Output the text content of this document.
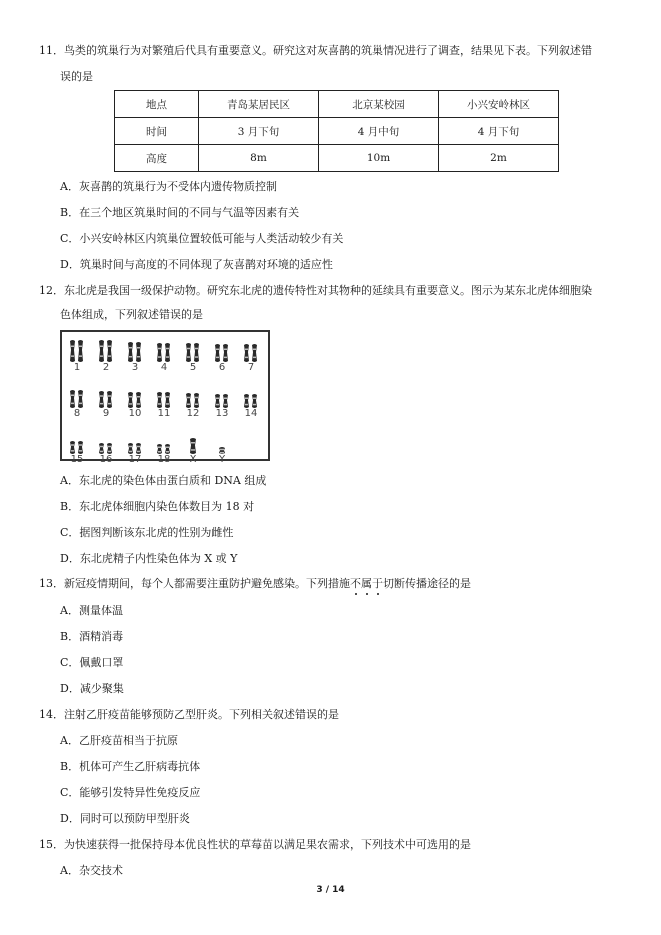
11．鸟类的筑巢行为对繁殖后代具有重要意义。研究这对灰喜鹊的筑巢情况进行了调查，结果见下表。下列叙述错
误的是
地点	青岛某居民区	北京某校园	小兴安岭林区
时间	3 月下旬	4 月中旬	4 月下旬
高度	8m	10m	2m
A．灰喜鹊的筑巢行为不受体内遗传物质控制
B．在三个地区筑巢时间的不同与气温等因素有关
C．小兴安岭林区内筑巢位置较低可能与人类活动较少有关
D．筑巢时间与高度的不同体现了灰喜鹊对环境的适应性
12．东北虎是我国一级保护动物。研究东北虎的遗传特性对其物种的延续具有重要意义。图示为某东北虎体细胞染
色体组成，下列叙述错误的是
1	2	3	4	5	6	7
8	9	10	11	12	13	14
15	16	17	18	X	Y
A．东北虎的染色体由蛋白质和 DNA 组成
B．东北虎体细胞内染色体数目为 18 对
C．据图判断该东北虎的性别为雌性
D．东北虎精子内性染色体为 X 或 Y
13．新冠疫情期间，每个人都需要注重防护避免感染。下列措施不属于切断传播途径的是
A．测量体温
B．酒精消毒
C．佩戴口罩
D．减少聚集
14．注射乙肝疫苗能够预防乙型肝炎。下列相关叙述错误的是
A．乙肝疫苗相当于抗原
B．机体可产生乙肝病毒抗体
C．能够引发特异性免疫反应
D．同时可以预防甲型肝炎
15．为快速获得一批保持母本优良性状的草莓苗以满足果农需求，下列技术中可选用的是
A．杂交技术
3 / 14
